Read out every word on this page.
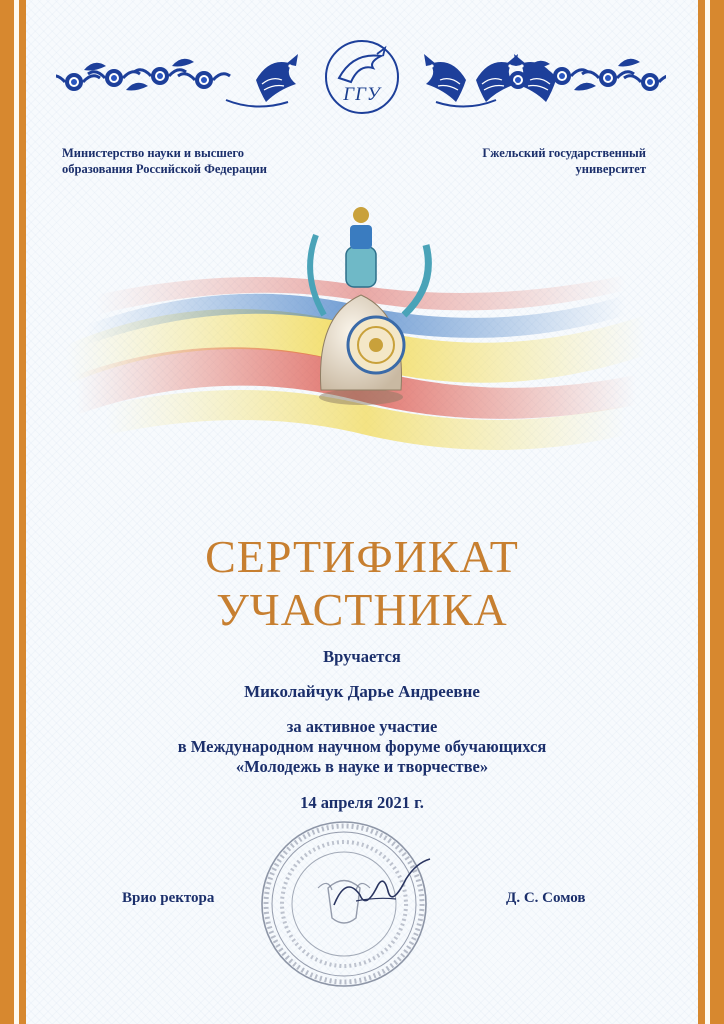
ГГУ
Министерство науки и высшего
образования Российской Федерации
Гжельский государственный
университет
СЕРТИФИКАТ
УЧАСТНИКА
Вручается
Миколайчук Дарье Андреевне
за активное участие
в Международном научном форуме обучающихся
«Молодежь в науке и творчестве»
14 апреля 2021 г.
Врио ректора	Д. С. Сомов
